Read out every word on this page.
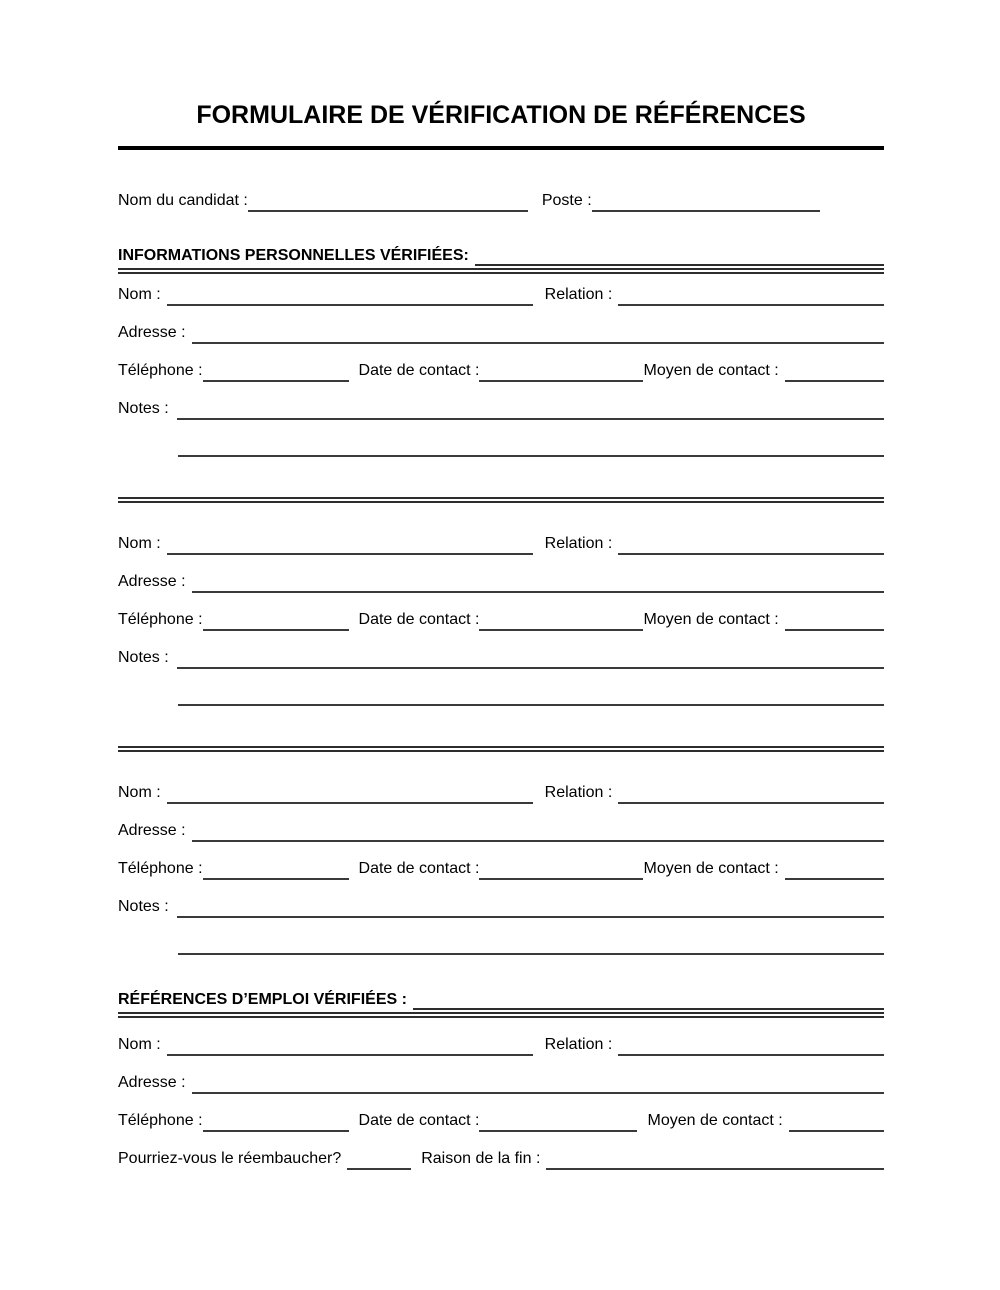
FORMULAIRE DE VÉRIFICATION DE RÉFÉRENCES
Nom du candidat :	Poste :
INFORMATIONS PERSONNELLES VÉRIFIÉES:
Nom :	Relation :
Adresse :
Téléphone :	Date de contact :	Moyen de contact :
Notes :
Nom :	Relation :
Adresse :
Téléphone :	Date de contact :	Moyen de contact :
Notes :
Nom :	Relation :
Adresse :
Téléphone :	Date de contact :	Moyen de contact :
Notes :
RÉFÉRENCES D’EMPLOI VÉRIFIÉES :
Nom :	Relation :
Adresse :
Téléphone :	Date de contact :	Moyen de contact :
Pourriez-vous le réembaucher?	Raison de la fin :
